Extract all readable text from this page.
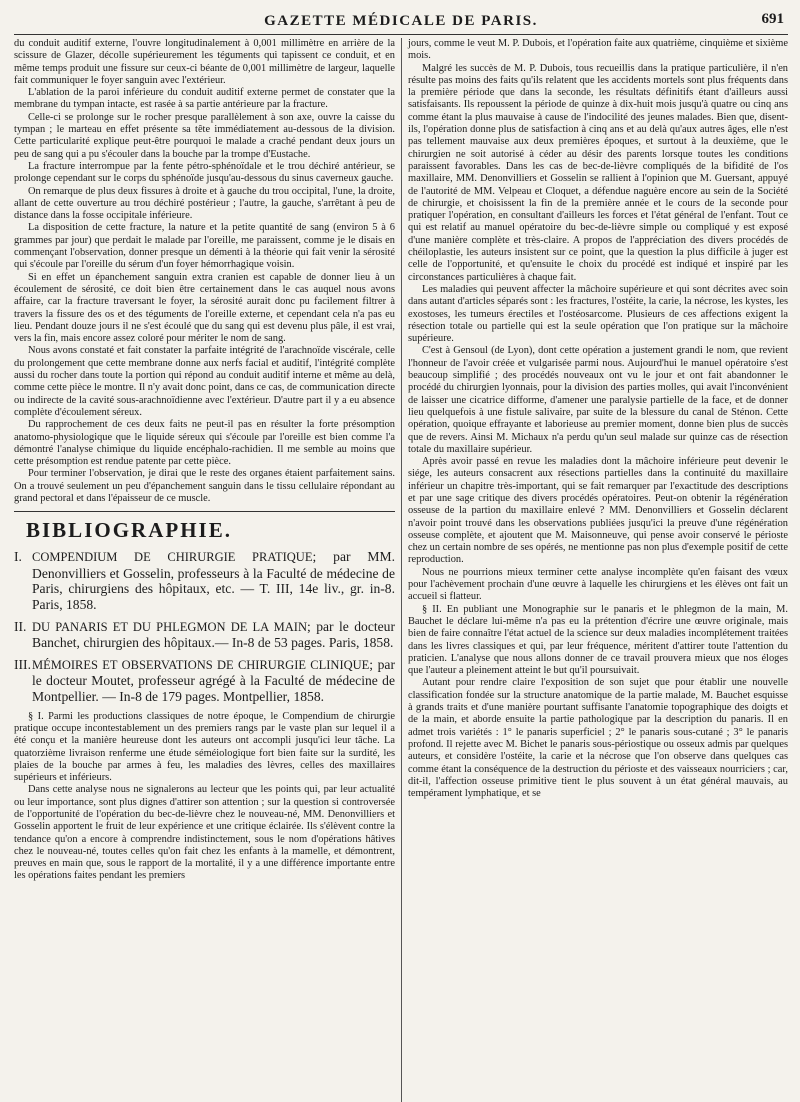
GAZETTE MÉDICALE DE PARIS.	691

du conduit auditif externe, l'ouvre longitudinalement à 0,001 millimètre en arrière de la scissure de Glazer, décolle supérieurement les téguments qui tapissent ce conduit, et en même temps produit une fissure sur ceux-ci béante de 0,001 millimètre de largeur, laquelle fait communiquer le foyer sanguin avec l'extérieur.

L'ablation de la paroi inférieure du conduit auditif externe permet de constater que la membrane du tympan intacte, est rasée à sa partie antérieure par la fracture.

Celle-ci se prolonge sur le rocher presque parallèlement à son axe, ouvre la caisse du tympan ; le marteau en effet présente sa tête immédiatement au-dessous de la division. Cette particularité explique peut-être pourquoi le malade a craché pendant deux jours un peu de sang qui a pu s'écouler dans la bouche par la trompe d'Eustache.

La fracture interrompue par la fente pétro-sphénoïdale et le trou déchiré antérieur, se prolonge cependant sur le corps du sphénoïde jusqu'au-dessous du sinus caverneux gauche.

On remarque de plus deux fissures à droite et à gauche du trou occipital, l'une, la droite, allant de cette ouverture au trou déchiré postérieur ; l'autre, la gauche, s'arrêtant à peu de distance dans la fosse occipitale inférieure.

La disposition de cette fracture, la nature et la petite quantité de sang (environ 5 à 6 grammes par jour) que perdait le malade par l'oreille, me paraissent, comme je le disais en commençant l'observation, donner presque un démenti à la théorie qui fait venir la sérosité qui s'écoule par l'oreille du sérum d'un foyer hémorrhagique voisin.

Si en effet un épanchement sanguin extra cranien est capable de donner lieu à un écoulement de sérosité, ce doit bien être certainement dans le cas auquel nous avons affaire, car la fracture traversant le foyer, la sérosité aurait donc pu facilement filtrer à travers la fissure des os et des téguments de l'oreille externe, et cependant cela n'a pas eu lieu. Pendant douze jours il ne s'est écoulé que du sang qui est devenu plus pâle, il est vrai, vers la fin, mais encore assez coloré pour mériter le nom de sang.

Nous avons constaté et fait constater la parfaite intégrité de l'arachnoïde viscérale, celle du prolongement que cette membrane donne aux nerfs facial et auditif, l'intégrité complète aussi du rocher dans toute la portion qui répond au conduit auditif interne et même au delà, comme cette pièce le montre. Il n'y avait donc point, dans ce cas, de communication directe ou indirecte de la cavité sous-arachnoïdienne avec l'extérieur. D'autre part il y a eu absence complète d'écoulement séreux.

Du rapprochement de ces deux faits ne peut-il pas en résulter la forte présomption anatomo-physiologique que le liquide séreux qui s'écoule par l'oreille est bien comme l'a démontré l'analyse chimique du liquide encéphalo-rachidien. Il me semble au moins que cette présomption est rendue patente par cette pièce.

Pour terminer l'observation, je dirai que le reste des organes étaient parfaitement sains. On a trouvé seulement un peu d'épanchement sanguin dans le tissu cellulaire répondant au grand pectoral et dans l'épaisseur de ce muscle.

BIBLIOGRAPHIE.
I. COMPENDIUM DE CHIRURGIE PRATIQUE; par MM. Denonvilliers et Gosselin, professeurs à la Faculté de médecine de Paris, chirurgiens des hôpitaux, etc. — T. III, 14e liv., gr. in-8. Paris, 1858.
II. DU PANARIS ET DU PHLEGMON DE LA MAIN; par le docteur Banchet, chirurgien des hôpitaux.— In-8 de 53 pages. Paris, 1858.
III. MÉMOIRES ET OBSERVATIONS DE CHIRURGIE CLINIQUE; par le docteur Moutet, professeur agrégé à la Faculté de médecine de Montpellier. — In-8 de 179 pages. Montpellier, 1858.

§ I. Parmi les productions classiques de notre époque, le Compendium de chirurgie pratique occupe incontestablement un des premiers rangs par le vaste plan sur lequel il a été conçu et la manière heureuse dont les auteurs ont accompli jusqu'ici leur tâche. La quatorzième livraison renferme une étude séméiologique fort bien faite sur la surdité, les plaies de la bouche par armes à feu, les maladies des lèvres, celles des maxillaires supérieurs et inférieurs.

Dans cette analyse nous ne signalerons au lecteur que les points qui, par leur actualité ou leur importance, sont plus dignes d'attirer son attention ; sur la question si controversée de l'opportunité de l'opération du bec-de-lièvre chez le nouveau-né, MM. Denonvilliers et Gosselin apportent le fruit de leur expérience et une critique éclairée. Ils s'élèvent contre la tendance qu'on a encore à comprendre indistinctement, sous le nom d'opérations hâtives chez le nouveau-né, toutes celles qu'on fait chez les enfants à la mamelle, et démontrent, preuves en main que, sous le rapport de la mortalité, il y a une différence importante entre les opérations faites pendant les premiers

jours, comme le veut M. P. Dubois, et l'opération faite aux quatrième, cinquième et sixième mois.

Malgré les succès de M. P. Dubois, tous recueillis dans la pratique particulière, il n'en résulte pas moins des faits qu'ils relatent que les accidents mortels sont plus fréquents dans la première période que dans la seconde, les résultats définitifs étant d'ailleurs aussi satisfaisants. Ils repoussent la période de quinze à dix-huit mois jusqu'à quatre ou cinq ans comme étant la plus mauvaise à cause de l'indocilité des jeunes malades. Bien que, disent-ils, l'opération donne plus de satisfaction à cinq ans et au delà qu'aux autres âges, elle n'est pas tellement mauvaise aux deux premières époques, et surtout à la deuxième, que le chirurgien ne soit autorisé à céder au désir des parents lorsque toutes les conditions paraissent favorables. Dans les cas de bec-de-lièvre compliqués de la bifidité de l'os maxillaire, MM. Denonvilliers et Gosselin se rallient à l'opinion que M. Guersant, appuyé de l'autorité de MM. Velpeau et Cloquet, a défendue naguère encore au sein de la Société de chirurgie, et choisissent la fin de la première année et le cours de la seconde pour pratiquer l'opération, en consultant d'ailleurs les forces et l'état général de l'enfant. Tout ce qui est relatif au manuel opératoire du bec-de-lièvre simple ou compliqué y est exposé d'une manière complète et très-claire. A propos de l'appréciation des divers procédés de chéiloplastie, les auteurs insistent sur ce point, que la question la plus difficile à juger est celle de l'opportunité, et qu'ensuite le choix du procédé est indiqué et inspiré par les circonstances particulières à chaque fait.

Les maladies qui peuvent affecter la mâchoire supérieure et qui sont décrites avec soin dans autant d'articles séparés sont : les fractures, l'ostéite, la carie, la nécrose, les kystes, les exostoses, les tumeurs érectiles et l'ostéosarcome. Plusieurs de ces affections exigent la résection totale ou partielle qui est la seule opération que l'on pratique sur la mâchoire supérieure.

C'est à Gensoul (de Lyon), dont cette opération a justement grandi le nom, que revient l'honneur de l'avoir créée et vulgarisée parmi nous. Aujourd'hui le manuel opératoire s'est beaucoup simplifié ; des procédés nouveaux ont vu le jour et ont fait abandonner le procédé du chirurgien lyonnais, pour la division des parties molles, qui avait l'inconvénient de laisser une cicatrice difforme, d'amener une paralysie partielle de la face, et de donner lieu quelquefois à une fistule salivaire, par suite de la blessure du canal de Sténon. Cette opération, quoique effrayante et laborieuse au premier moment, donne bien plus de succès que de revers. Ainsi M. Michaux n'a perdu qu'un seul malade sur quinze cas de résection totale du maxillaire supérieur.

Après avoir passé en revue les maladies dont la mâchoire inférieure peut devenir le siége, les auteurs consacrent aux résections partielles dans la continuité du maxillaire inférieur un chapitre très-important, qui se fait remarquer par l'exactitude des descriptions et par une sage critique des divers procédés opératoires. Peut-on obtenir la régénération osseuse de la partion du maxillaire enlevé ? MM. Denonvilliers et Gosselin déclarent n'avoir point trouvé dans les observations publiées jusqu'ici la preuve d'une régénération osseuse complète, et ajoutent que M. Maisonneuve, qui pense avoir conservé le périoste chez un certain nombre de ses opérés, ne mentionne pas non plus d'exemple positif de cette reproduction.

Nous ne pourrions mieux terminer cette analyse incomplète qu'en faisant des vœux pour l'achèvement prochain d'une œuvre à laquelle les chirurgiens et les élèves ont fait un accueil si flatteur.

§ II. En publiant une Monographie sur le panaris et le phlegmon de la main, M. Bauchet le déclare lui-même n'a pas eu la prétention d'écrire une œuvre originale, mais bien de faire connaître l'état actuel de la science sur deux maladies incomplétement traitées dans les livres classiques et qui, par leur fréquence, méritent d'attirer toute l'attention du praticien. L'analyse que nous allons donner de ce travail prouvera mieux que nos éloges que l'auteur a pleinement atteint le but qu'il poursuivait.

Autant pour rendre claire l'exposition de son sujet que pour établir une nouvelle classification fondée sur la structure anatomique de la partie malade, M. Bauchet esquisse à grands traits et d'une manière pourtant suffisante l'anatomie topographique des doigts et de la main, et aborde ensuite la partie pathologique par la description du panaris. Il en admet trois variétés : 1° le panaris superficiel ; 2° le panaris sous-cutané ; 3° le panaris profond. Il rejette avec M. Bichet le panaris sous-périostique ou osseux admis par quelques auteurs, et considère l'ostéite, la carie et la nécrose que l'on observe dans quelques cas comme étant la conséquence de la destruction du périoste et des vaisseaux nourriciers ; car, dit-il, l'affection osseuse primitive tient le plus souvent à un état général mauvais, au tempérament lymphatique, et se
